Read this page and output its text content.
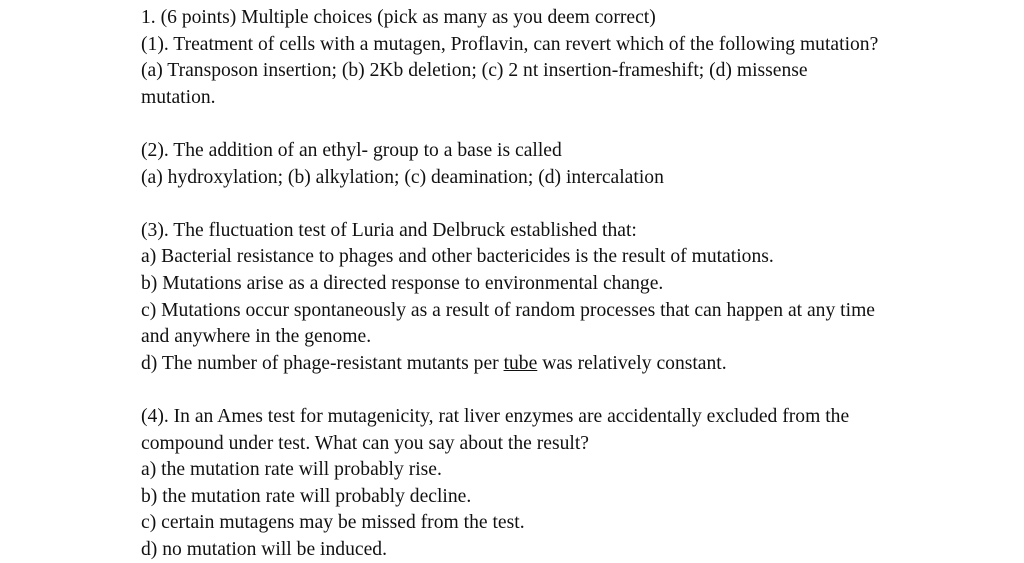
1. (6 points) Multiple choices (pick as many as you deem correct)
(1). Treatment of cells with a mutagen, Proflavin, can revert which of the following mutation?
(a) Transposon insertion; (b) 2Kb deletion; (c) 2 nt insertion-frameshift; (d) missense
mutation.
(2). The addition of an ethyl- group to a base is called
(a) hydroxylation; (b) alkylation; (c) deamination; (d) intercalation
(3). The fluctuation test of Luria and Delbruck established that:
a) Bacterial resistance to phages and other bactericides is the result of mutations.
b) Mutations arise as a directed response to environmental change.
c) Mutations occur spontaneously as a result of random processes that can happen at any time
and anywhere in the genome.
d) The number of phage-resistant mutants per tube was relatively constant.
(4). In an Ames test for mutagenicity, rat liver enzymes are accidentally excluded from the
compound under test. What can you say about the result?
a) the mutation rate will probably rise.
b) the mutation rate will probably decline.
c) certain mutagens may be missed from the test.
d) no mutation will be induced.
